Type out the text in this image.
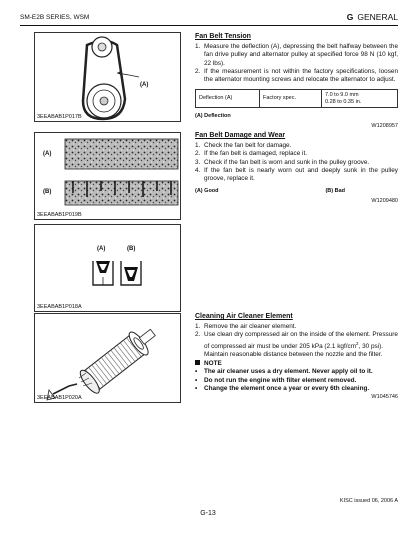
SM-E2B SERIES, WSM	G GENERAL
(A)
3EEABAB1P017B
Fan Belt Tension
1. Measure the deflection (A), depressing the belt halfway between the fan drive pulley and alternator pulley at specified force 98 N (10 kgf, 22 lbs).
2. If the measurement is not within the factory specifications, loosen the alternator mounting screws and relocate the alternator to adjust.
Deflection (A)	Factory spec.	
7.0 to 9.0 mm
0.28 to 0.35 in.
(A) Deflection
W1208957
(A)
(B)
3EEABAB1P019B
Fan Belt Damage and Wear
1. Check the fan belt for damage.
2. If the fan belt is damaged, replace it.
3. Check if the fan belt is worn and sunk in the pulley groove.
4. If the fan belt is nearly worn out and deeply sunk in the pulley groove, replace it.
(A) Good	(B) Bad
W1209480
(A)	(B)
3EEABAB1P018A
3EEABAB1P020A
Cleaning Air Cleaner Element
1. Remove the air cleaner element.
2. Use clean dry compressed air on the inside of the element. Pressure of compressed air must be under 205 kPa (2.1 kgf/$cm^2$, 30 psi).
Maintain reasonable distance between the nozzle and the filter.
NOTE
• The air cleaner uses a dry element. Never apply oil to it.
• Do not run the engine with filter element removed.
• Change the element once a year or every 6th cleaning.
W1045746
KISC issued 06, 2006 A
G-13
